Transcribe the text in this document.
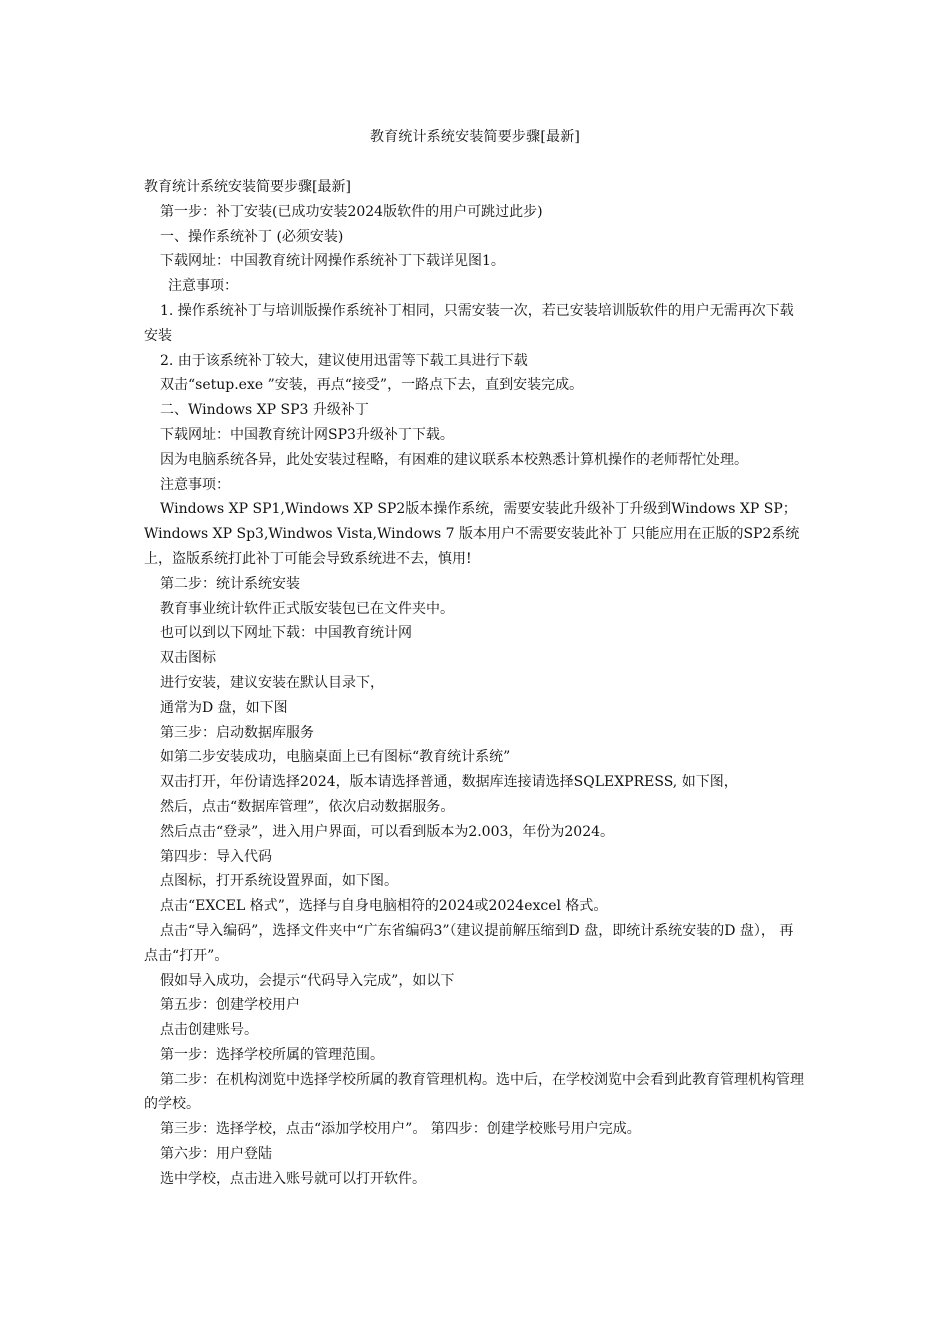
教育统计系统安装简要步骤[最新]

教育统计系统安装简要步骤[最新]

第一步：补丁安装(已成功安装2024版软件的用户可跳过此步)

一、操作系统补丁 (必须安装)

下载网址：中国教育统计网操作系统补丁下载详见图1。

注意事项：

1. 操作系统补丁与培训版操作系统补丁相同，只需安装一次，若已安装培训版软件的用户无需再次下载安装

2. 由于该系统补丁较大，建议使用迅雷等下载工具进行下载

双击“setup.exe ”安装，再点“接受”，一路点下去，直到安装完成。

二、Windows XP SP3 升级补丁

下载网址：中国教育统计网SP3升级补丁下载。

因为电脑系统各异，此处安装过程略，有困难的建议联系本校熟悉计算机操作的老师帮忙处理。

注意事项：

Windows XP SP1,Windows XP SP2版本操作系统，需要安装此升级补丁升级到Windows XP SP；Windows XP Sp3,Windwos Vista,Windows 7 版本用户不需要安装此补丁 只能应用在正版的SP2系统上，盗版系统打此补丁可能会导致系统进不去，慎用!

第二步：统计系统安装

教育事业统计软件正式版安装包已在文件夹中。

也可以到以下网址下载：中国教育统计网

双击图标

进行安装，建议安装在默认目录下，

通常为D 盘，如下图

第三步：启动数据库服务

如第二步安装成功，电脑桌面上已有图标“教育统计系统”

双击打开，年份请选择2024，版本请选择普通，数据库连接请选择SQLEXPRESS, 如下图，

然后，点击“数据库管理”，依次启动数据服务。

然后点击“登录”，进入用户界面，可以看到版本为2.003，年份为2024。

第四步：导入代码

点图标，打开系统设置界面，如下图。

点击“EXCEL 格式”，选择与自身电脑相符的2024或2024excel 格式。

点击“导入编码”，选择文件夹中“广东省编码3”（建议提前解压缩到D 盘，即统计系统安装的D 盘）， 再点击“打开”。

假如导入成功，会提示“代码导入完成”，如以下

第五步：创建学校用户

点击创建账号。

第一步：选择学校所属的管理范围。

第二步：在机构浏览中选择学校所属的教育管理机构。选中后，在学校浏览中会看到此教育管理机构管理的学校。

第三步：选择学校，点击“添加学校用户”。 第四步：创建学校账号用户完成。

第六步：用户登陆

选中学校，点击进入账号就可以打开软件。
